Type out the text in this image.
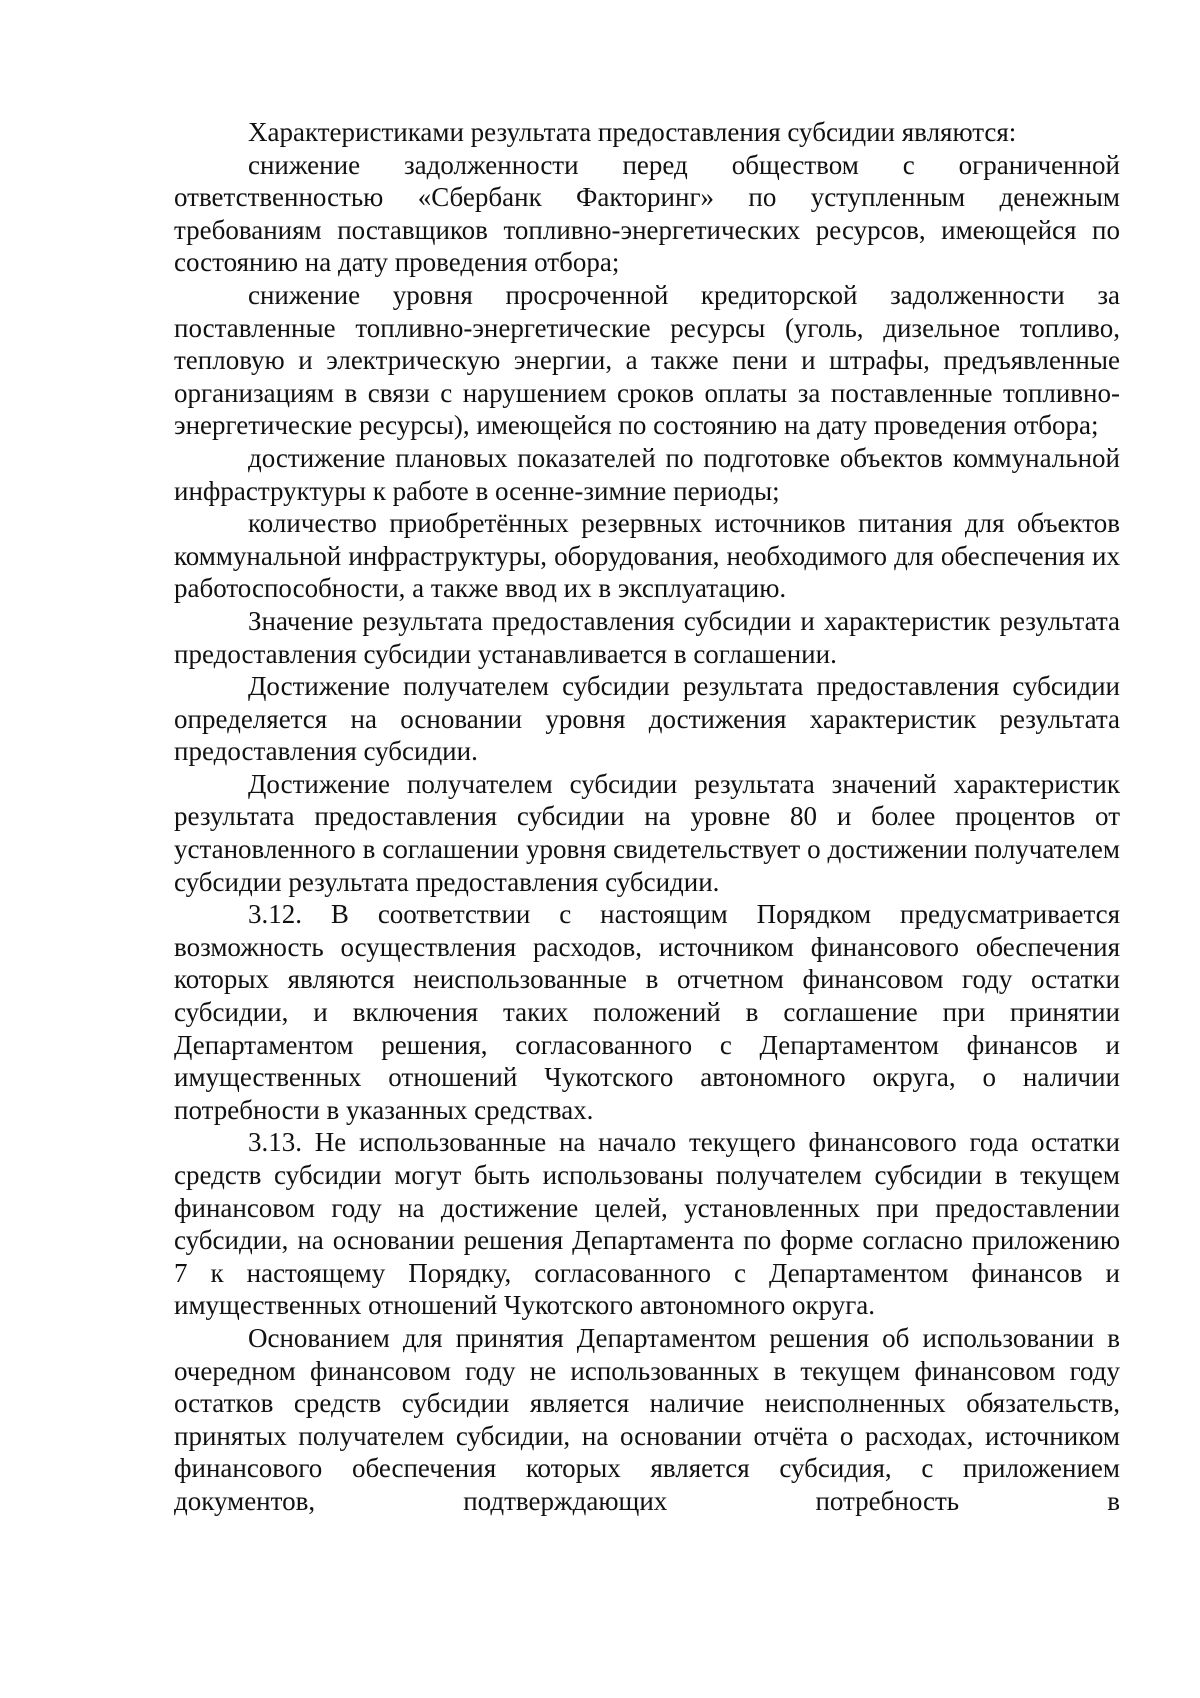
Характеристиками результата предоставления субсидии являются:

снижение задолженности перед обществом с ограниченной ответственностью «Сбербанк Факторинг» по уступленным денежным требованиям поставщиков топливно-энергетических ресурсов, имеющейся по состоянию на дату проведения отбора;

снижение уровня просроченной кредиторской задолженности за поставленные топливно-энергетические ресурсы (уголь, дизельное топливо, тепловую и электрическую энергии, а также пени и штрафы, предъявленные организациям в связи с нарушением сроков оплаты за поставленные топливно-энергетические ресурсы), имеющейся по состоянию на дату проведения отбора;

достижение плановых показателей по подготовке объектов коммунальной инфраструктуры к работе в осенне-зимние периоды;

количество приобретённых резервных источников питания для объектов коммунальной инфраструктуры, оборудования, необходимого для обеспечения их работоспособности, а также ввод их в эксплуатацию.

Значение результата предоставления субсидии и характеристик результата предоставления субсидии устанавливается в соглашении.

Достижение получателем субсидии результата предоставления субсидии определяется на основании уровня достижения характеристик результата предоставления субсидии.

Достижение получателем субсидии результата значений характеристик результата предоставления субсидии на уровне 80 и более процентов от установленного в соглашении уровня свидетельствует о достижении получателем субсидии результата предоставления субсидии.

3.12. В соответствии с настоящим Порядком предусматривается возможность осуществления расходов, источником финансового обеспечения которых являются неиспользованные в отчетном финансовом году остатки субсидии, и включения таких положений в соглашение при принятии Департаментом решения, согласованного с Департаментом финансов и имущественных отношений Чукотского автономного округа, о наличии потребности в указанных средствах.

3.13. Не использованные на начало текущего финансового года остатки средств субсидии могут быть использованы получателем субсидии в текущем финансовом году на достижение целей, установленных при предоставлении субсидии, на основании решения Департамента по форме согласно приложению 7 к настоящему Порядку, согласованного с Департаментом финансов и имущественных отношений Чукотского автономного округа.

Основанием для принятия Департаментом решения об использовании в очередном финансовом году не использованных в текущем финансовом году остатков средств субсидии является наличие неисполненных обязательств, принятых получателем субсидии, на основании отчёта о расходах, источником финансового обеспечения которых является субсидия, с приложением документов, подтверждающих потребность в
